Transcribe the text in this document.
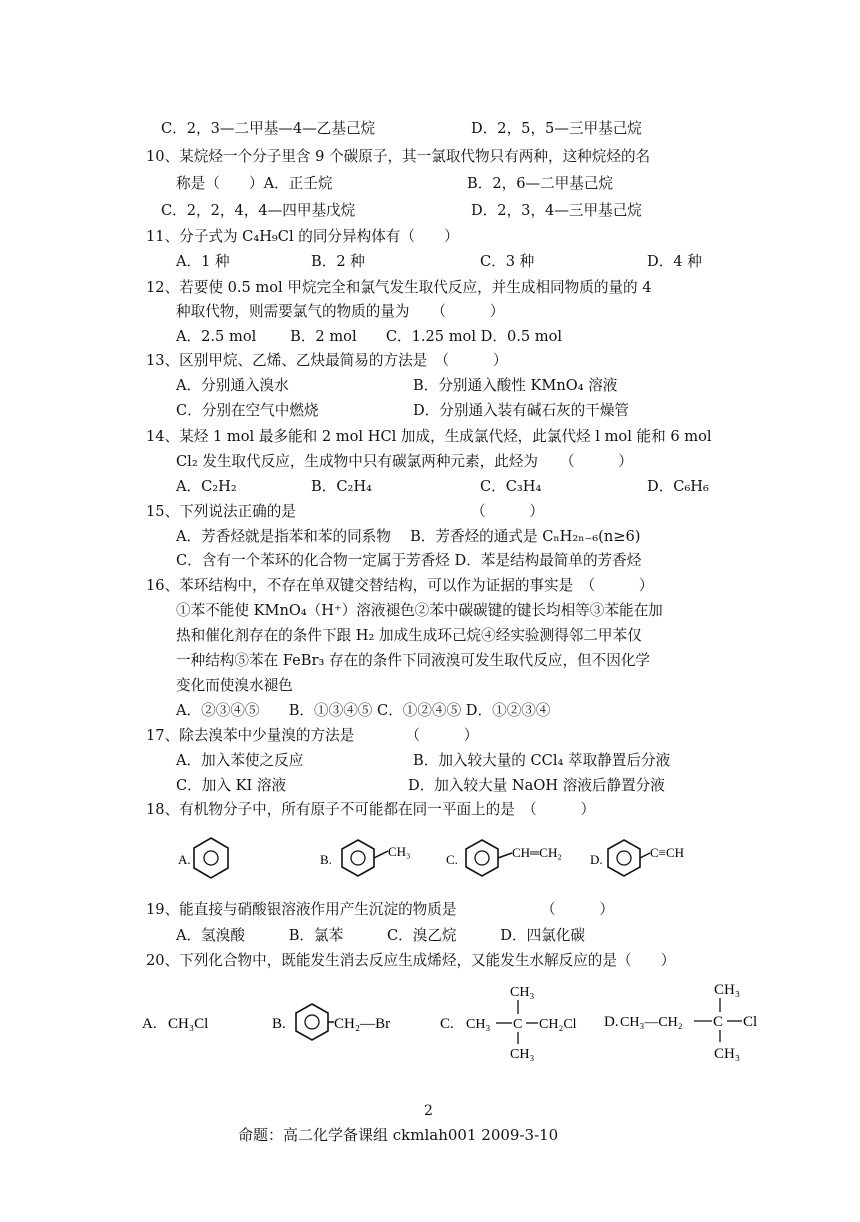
C．2，3—二甲基—4—乙基己烷	D．2，5，5—三甲基己烷
10、某烷烃一个分子里含 9 个碳原子，其一氯取代物只有两种，这种烷烃的名
称是（　　）A．正壬烷	B．2，6—二甲基己烷
C．2，2，4，4—四甲基戊烷	D．2，3，4—三甲基己烷
11、分子式为 C₄H₉Cl 的同分异构体有（　　）
A．1 种	B．2 种	C．3 种	D．4 种
12、若要使 0.5 mol 甲烷完全和氯气发生取代反应，并生成相同物质的量的 4
种取代物，则需要氯气的物质的量为　　（　　　）
A．2.5 mol　　 B．2 mol　　C．1.25 mol D．0.5 mol
13、区别甲烷、乙烯、乙炔最简易的方法是　（　　　）
A．分别通入溴水	B．分别通入酸性 KMnO₄ 溶液
C．分别在空气中燃烧	D．分别通入装有碱石灰的干燥管
14、某烃 1 mol 最多能和 2 mol HCl 加成，生成氯代烃，此氯代烃 l mol 能和 6 mol
Cl₂ 发生取代反应，生成物中只有碳氯两种元素，此烃为　　（　　　）
A．C₂H₂	B．C₂H₄	C．C₃H₄	D．C₆H₆
15、下列说法正确的是	（　　　）
A．芳香烃就是指苯和苯的同系物　 B．芳香烃的通式是 CₙH₂ₙ₋₆(n≥6)
C．含有一个苯环的化合物一定属于芳香烃 D．苯是结构最简单的芳香烃
16、苯环结构中，不存在单双键交替结构，可以作为证据的事实是　（　　　）
①苯不能使 KMnO₄（H⁺）溶液褪色②苯中碳碳键的键长均相等③苯能在加
热和催化剂存在的条件下跟 H₂ 加成生成环己烷④经实验测得邻二甲苯仅
一种结构⑤苯在 FeBr₃ 存在的条件下同液溴可发生取代反应，但不因化学
变化而使溴水褪色
A．②③④⑤　　B．①③④⑤ C．①②④⑤ D．①②③④
17、除去溴苯中少量溴的方法是　　　　（　　　）
A．加入苯使之反应	B．加入较大量的 CCl₄ 萃取静置后分液
C．加入 KI 溶液	D．加入较大量 NaOH 溶液后静置分液
18、有机物分子中，所有原子不可能都在同一平面上的是　（　　　）
A.	B.
CH₃
C.	CH═CH₂ D.	C≡CH
19、能直接与硝酸银溶液作用产生沉淀的物质是	（　　　）
A．氢溴酸　　　B．氯苯　　　C．溴乙烷　　　D．四氯化碳
20、下列化合物中，既能发生消去反应生成烯烃，又能发生水解反应的是（　　）
A. CH₃Cl	B.	CH₂—Br	C. CH₃ C CH₂Cl
CH₃
CH₃
D. CH₃—CH₂ C Cl
CH₃
CH₃
2
命题：高二化学备课组 ckmlah001 2009-3-10
